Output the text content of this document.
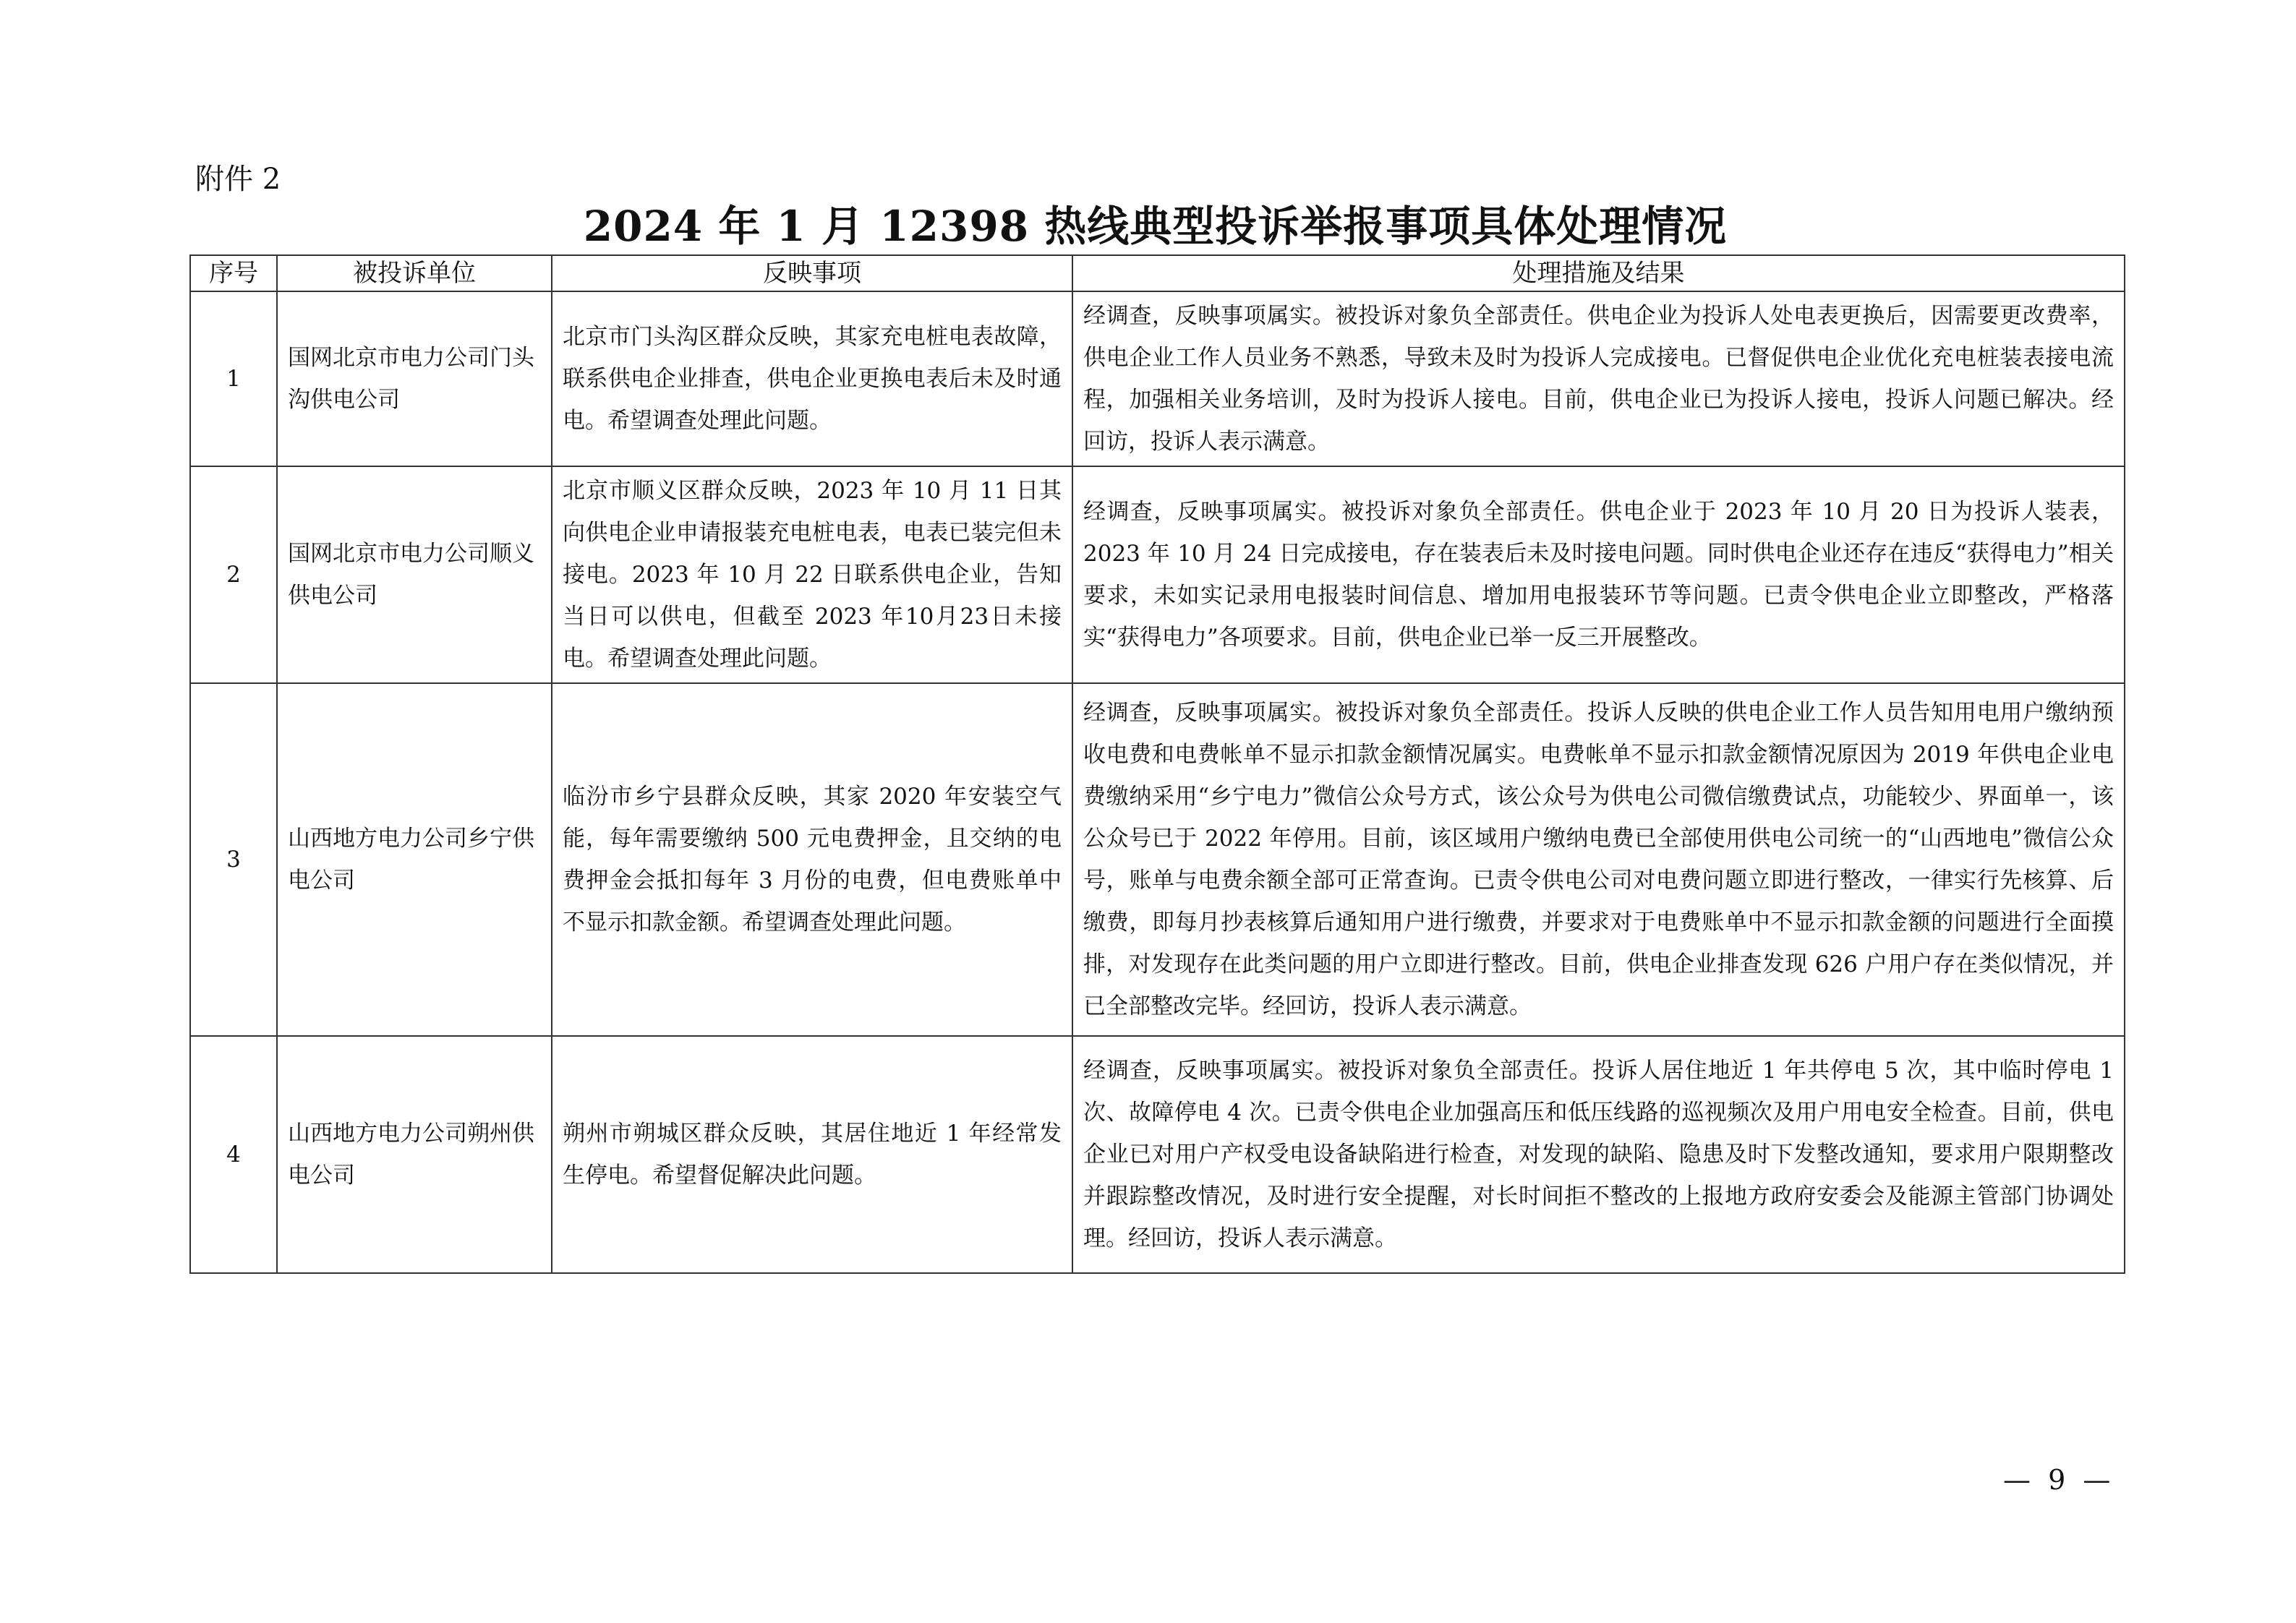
附件 2
2024 年 1 月 12398 热线典型投诉举报事项具体处理情况
序号	被投诉单位	反映事项	处理措施及结果
1	国网北京市电力公司门头沟供电公司	北京市门头沟区群众反映，其家充电桩电表故障，联系供电企业排查，供电企业更换电表后未及时通电。希望调查处理此问题。	经调查，反映事项属实。被投诉对象负全部责任。供电企业为投诉人处电表更换后，因需要更改费率，供电企业工作人员业务不熟悉，导致未及时为投诉人完成接电。已督促供电企业优化充电桩装表接电流程，加强相关业务培训，及时为投诉人接电。目前，供电企业已为投诉人接电，投诉人问题已解决。经回访，投诉人表示满意。
2	国网北京市电力公司顺义供电公司	北京市顺义区群众反映，2023 年 10 月 11 日其向供电企业申请报装充电桩电表，电表已装完但未接电。2023 年 10 月 22 日联系供电企业，告知当日可以供电，但截至 2023 年10月23日未接电。希望调查处理此问题。	经调查，反映事项属实。被投诉对象负全部责任。供电企业于 2023 年 10 月 20 日为投诉人装表，2023 年 10 月 24 日完成接电，存在装表后未及时接电问题。同时供电企业还存在违反“获得电力”相关要求，未如实记录用电报装时间信息、增加用电报装环节等问题。已责令供电企业立即整改，严格落实“获得电力”各项要求。目前，供电企业已举一反三开展整改。
3	山西地方电力公司乡宁供电公司	临汾市乡宁县群众反映，其家 2020 年安装空气能，每年需要缴纳 500 元电费押金，且交纳的电费押金会抵扣每年 3 月份的电费，但电费账单中不显示扣款金额。希望调查处理此问题。	经调查，反映事项属实。被投诉对象负全部责任。投诉人反映的供电企业工作人员告知用电用户缴纳预收电费和电费帐单不显示扣款金额情况属实。电费帐单不显示扣款金额情况原因为 2019 年供电企业电费缴纳采用“乡宁电力”微信公众号方式，该公众号为供电公司微信缴费试点，功能较少、界面单一，该公众号已于 2022 年停用。目前，该区域用户缴纳电费已全部使用供电公司统一的“山西地电”微信公众号，账单与电费余额全部可正常查询。已责令供电公司对电费问题立即进行整改，一律实行先核算、后缴费，即每月抄表核算后通知用户进行缴费，并要求对于电费账单中不显示扣款金额的问题进行全面摸排，对发现存在此类问题的用户立即进行整改。目前，供电企业排查发现 626 户用户存在类似情况，并已全部整改完毕。经回访，投诉人表示满意。
4	山西地方电力公司朔州供电公司	朔州市朔城区群众反映，其居住地近 1 年经常发生停电。希望督促解决此问题。	经调查，反映事项属实。被投诉对象负全部责任。投诉人居住地近 1 年共停电 5 次，其中临时停电 1 次、故障停电 4 次。已责令供电企业加强高压和低压线路的巡视频次及用户用电安全检查。目前，供电企业已对用户产权受电设备缺陷进行检查，对发现的缺陷、隐患及时下发整改通知，要求用户限期整改并跟踪整改情况，及时进行安全提醒，对长时间拒不整改的上报地方政府安委会及能源主管部门协调处理。经回访，投诉人表示满意。
— 9 —
